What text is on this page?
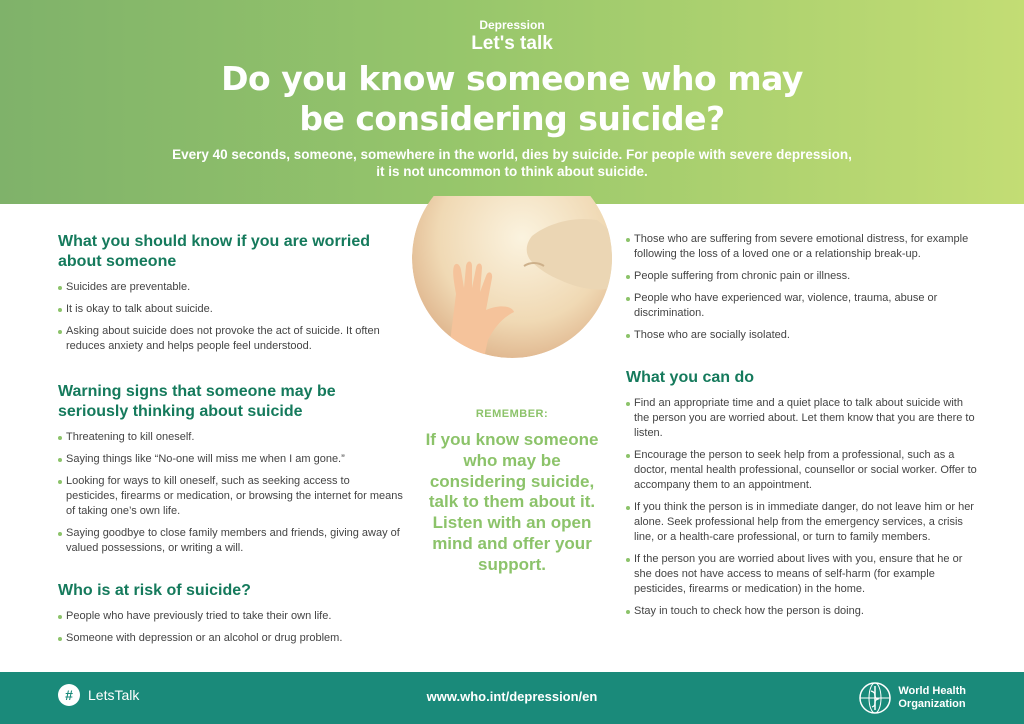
Depression
Let's talk
Do you know someone who may
be considering suicide?
Every 40 seconds, someone, somewhere in the world, dies by suicide. For people with severe depression,
it is not uncommon to think about suicide.
What you should know if you are worried about someone
Suicides are preventable.
It is okay to talk about suicide.
Asking about suicide does not provoke the act of suicide. It often reduces anxiety and helps people feel understood.
Warning signs that someone may be seriously thinking about suicide
Threatening to kill oneself.
Saying things like “No-one will miss me when I am gone.”
Looking for ways to kill oneself, such as seeking access to pesticides, firearms or medication, or browsing the internet for means of taking one’s own life.
Saying goodbye to close family members and friends, giving away of valued possessions, or writing a will.
Who is at risk of suicide?
People who have previously tried to take their own life.
Someone with depression or an alcohol or drug problem.
REMEMBER:
If you know someone who may be considering suicide, talk to them about it. Listen with an open mind and offer your support.
Those who are suffering from severe emotional distress, for example following the loss of a loved one or a relationship break-up.
People suffering from chronic pain or illness.
People who have experienced war, violence, trauma, abuse or discrimination.
Those who are socially isolated.
What you can do
Find an appropriate time and a quiet place to talk about suicide with the person you are worried about. Let them know that you are there to listen.
Encourage the person to seek help from a professional, such as a doctor, mental health professional, counsellor or social worker. Offer to accompany them to an appointment.
If you think the person is in immediate danger, do not leave him or her alone. Seek professional help from the emergency services, a crisis line, or a health-care professional, or turn to family members.
If the person you are worried about lives with you, ensure that he or she does not have access to means of self-harm (for example pesticides, firearms or medication) in the home.
Stay in touch to check how the person is doing.
#	LetsTalk	www.who.int/depression/en	World Health
Organization
